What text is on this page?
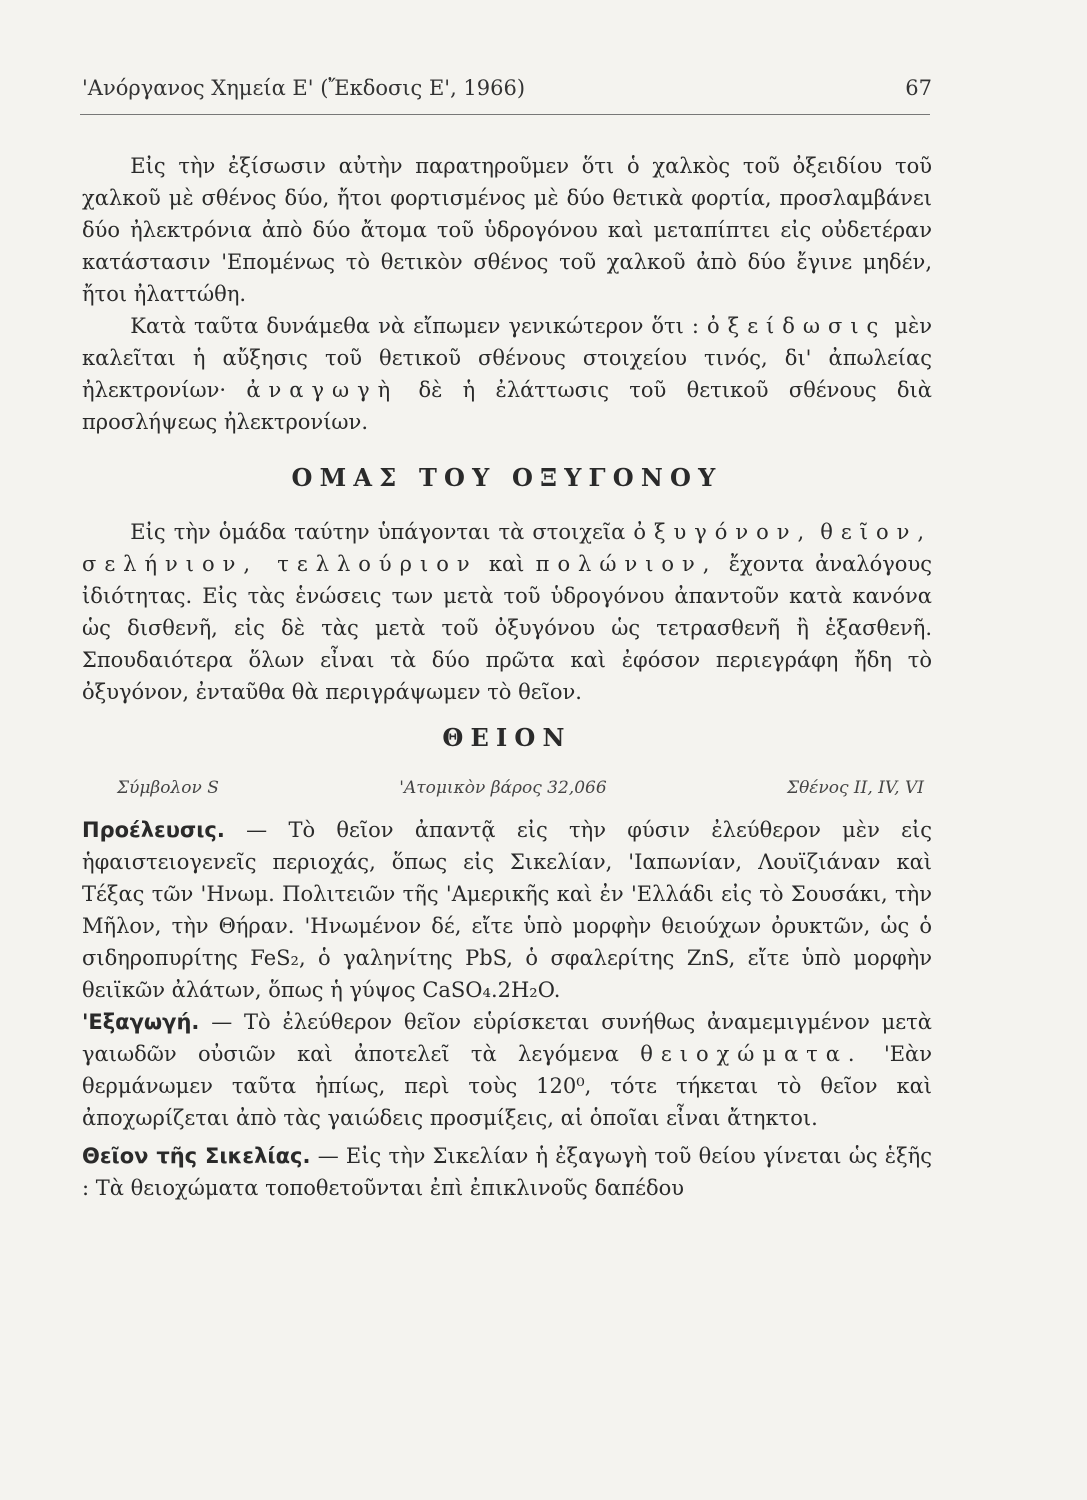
'Ανόργανος Χημεία Ε' (Ἔκδοσις Ε', 1966)	67

Εἰς τὴν ἐξίσωσιν αὐτὴν παρατηροῦμεν ὅτι ὁ χαλκὸς τοῦ ὀξειδίου τοῦ χαλκοῦ μὲ σθένος δύο, ἤτοι φορτισμένος μὲ δύο θετικὰ φορτία, προσλαμβάνει δύο ἠλεκτρόνια ἀπὸ δύο ἄτομα τοῦ ὑδρογόνου καὶ μεταπίπτει εἰς οὐδετέραν κατάστασιν 'Επομένως τὸ θετικὸν σθένος τοῦ χαλκοῦ ἀπὸ δύο ἔγινε μηδέν, ἤτοι ἠλαττώθη.

Κατὰ ταῦτα δυνάμεθα νὰ εἴπωμεν γενικώτερον ὅτι : ὀξείδωσις μὲν καλεῖται ἡ αὔξησις τοῦ θετικοῦ σθένους στοιχείου τινός, δι' ἀπωλείας ἠλεκτρονίων· ἀναγωγὴ δὲ ἡ ἐλάττωσις τοῦ θετικοῦ σθένους διὰ προσλήψεως ἠλεκτρονίων.

ΟΜΑΣ ΤΟΥ ΟΞΥΓΟΝΟΥ

Εἰς τὴν ὁμάδα ταύτην ὑπάγονται τὰ στοιχεῖα ὀξυγόνον, θεῖον, σελήνιον, τελλούριον καὶ πολώνιον, ἔχοντα ἀναλόγους ἰδιότητας. Εἰς τὰς ἑνώσεις των μετὰ τοῦ ὑδρογόνου ἀπαντοῦν κατὰ κανόνα ὡς δισθενῆ, εἰς δὲ τὰς μετὰ τοῦ ὀξυγόνου ὡς τετρασθενῆ ἢ ἑξασθενῆ. Σπουδαιότερα ὅλων εἶναι τὰ δύο πρῶτα καὶ ἐφόσον περιεγράφη ἤδη τὸ ὀξυγόνον, ἐνταῦθα θὰ περιγράψωμεν τὸ θεῖον.

ΘΕΙΟΝ
Σύμβολον S	'Ατομικὸν βάρος 32,066	Σθένος ΙΙ, ΙV, VI

Προέλευσις. — Τὸ θεῖον ἀπαντᾷ εἰς τὴν φύσιν ἐλεύθερον μὲν εἰς ἡφαιστειογενεῖς περιοχάς, ὅπως εἰς Σικελίαν, 'Ιαπωνίαν, Λουϊζιάναν καὶ Τέξας τῶν 'Ηνωμ. Πολιτειῶν τῆς 'Αμερικῆς καὶ ἐν 'Ελλάδι εἰς τὸ Σουσάκι, τὴν Μῆλον, τὴν Θήραν. 'Ηνωμένον δέ, εἴτε ὑπὸ μορφὴν θειούχων ὀρυκτῶν, ὡς ὁ σιδηροπυρίτης FeS₂, ὁ γαληνίτης PbS, ὁ σφαλερίτης ZnS, εἴτε ὑπὸ μορφὴν θειϊκῶν ἀλάτων, ὅπως ἡ γύψος CaSO₄.2H₂O.

'Εξαγωγή. — Τὸ ἐλεύθερον θεῖον εὑρίσκεται συνήθως ἀναμεμιγμένον μετὰ γαιωδῶν οὐσιῶν καὶ ἀποτελεῖ τὰ λεγόμενα θειοχώματα. 'Εὰν θερμάνωμεν ταῦτα ἠπίως, περὶ τοὺς 120⁰, τότε τήκεται τὸ θεῖον καὶ ἀποχωρίζεται ἀπὸ τὰς γαιώδεις προσμίξεις, αἱ ὁποῖαι εἶναι ἄτηκτοι.

Θεῖον τῆς Σικελίας. — Εἰς τὴν Σικελίαν ἡ ἐξαγωγὴ τοῦ θείου γίνεται ὡς ἑξῆς : Τὰ θειοχώματα τοποθετοῦνται ἐπὶ ἐπικλινοῦς δαπέδου
